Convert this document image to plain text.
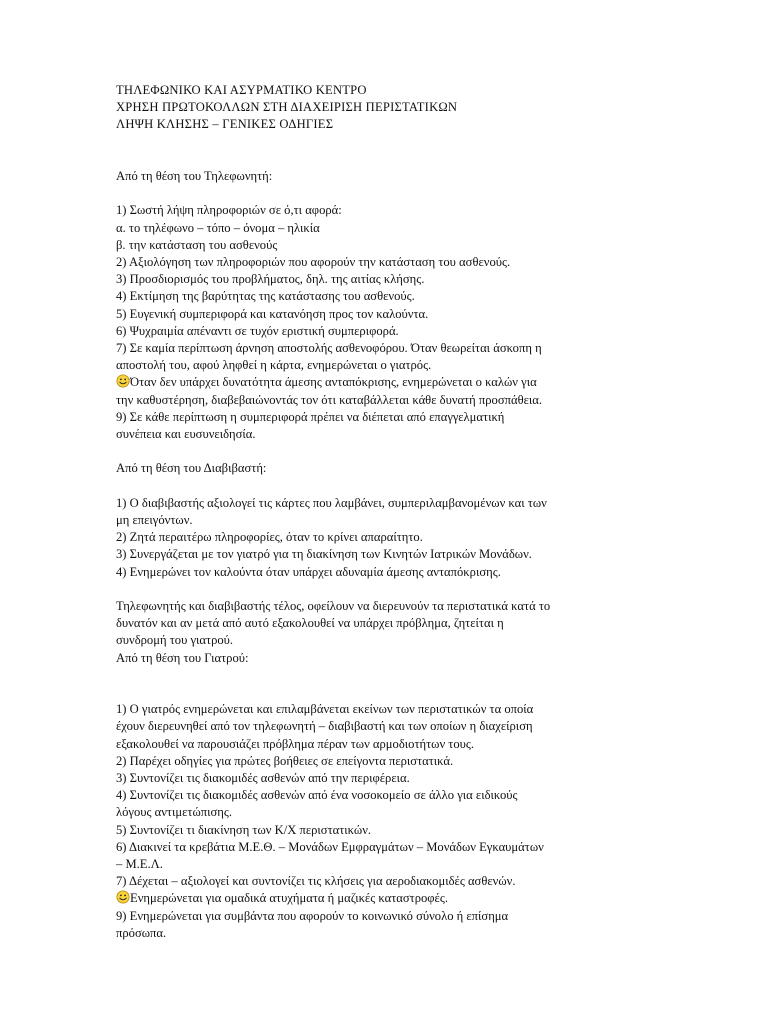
ΤΗΛΕΦΩΝΙΚΟ ΚΑΙ ΑΣΥΡΜΑΤΙΚΟ ΚΕΝΤΡΟ
ΧΡΗΣΗ ΠΡΩΤΟΚΟΛΛΩΝ ΣΤΗ ΔΙΑΧΕΙΡΙΣΗ ΠΕΡΙΣΤΑΤΙΚΩΝ
ΛΗΨΗ ΚΛΗΣΗΣ – ΓΕΝΙΚΕΣ ΟΔΗΓΙΕΣ
Από τη θέση του Τηλεφωνητή:
1) Σωστή λήψη πληροφοριών σε ό,τι αφορά:
α. το τηλέφωνο – τόπο – όνομα – ηλικία
β. την κατάσταση του ασθενούς
2) Αξιολόγηση των πληροφοριών που αφορούν την κατάσταση του ασθενούς.
3) Προσδιορισμός του προβλήματος, δηλ. της αιτίας κλήσης.
4) Εκτίμηση της βαρύτητας της κατάστασης του ασθενούς.
5) Ευγενική συμπεριφορά και κατανόηση προς τον καλούντα.
6) Ψυχραιμία απέναντι σε τυχόν εριστική συμπεριφορά.
7) Σε καμία περίπτωση άρνηση αποστολής ασθενοφόρου. Όταν θεωρείται άσκοπη η
αποστολή του, αφού ληφθεί η κάρτα, ενημερώνεται ο γιατρός.
Όταν δεν υπάρχει δυνατότητα άμεσης ανταπόκρισης, ενημερώνεται ο καλών για
την καθυστέρηση, διαβεβαιώνοντάς τον ότι καταβάλλεται κάθε δυνατή προσπάθεια.
9) Σε κάθε περίπτωση η συμπεριφορά πρέπει να διέπεται από επαγγελματική
συνέπεια και ευσυνειδησία.
Από τη θέση του Διαβιβαστή:
1) Ο διαβιβαστής αξιολογεί τις κάρτες που λαμβάνει, συμπεριλαμβανομένων και των
μη επειγόντων.
2) Ζητά περαιτέρω πληροφορίες, όταν το κρίνει απαραίτητο.
3) Συνεργάζεται με τον γιατρό για τη διακίνηση των Κινητών Ιατρικών Μονάδων.
4) Ενημερώνει τον καλούντα όταν υπάρχει αδυναμία άμεσης ανταπόκρισης.
Τηλεφωνητής και διαβιβαστής τέλος, οφείλουν να διερευνούν τα περιστατικά κατά το
δυνατόν και αν μετά από αυτό εξακολουθεί να υπάρχει πρόβλημα, ζητείται η
συνδρομή του γιατρού.
Από τη θέση του Γιατρού:
1) Ο γιατρός ενημερώνεται και επιλαμβάνεται εκείνων των περιστατικών τα οποία
έχουν διερευνηθεί από τον τηλεφωνητή – διαβιβαστή και των οποίων η διαχείριση
εξακολουθεί να παρουσιάζει πρόβλημα πέραν των αρμοδιοτήτων τους.
2) Παρέχει οδηγίες για πρώτες βοήθειες σε επείγοντα περιστατικά.
3) Συντονίζει τις διακομιδές ασθενών από την περιφέρεια.
4) Συντονίζει τις διακομιδές ασθενών από ένα νοσοκομείο σε άλλο για ειδικούς
λόγους αντιμετώπισης.
5) Συντονίζει τι διακίνηση των Κ/Χ περιστατικών.
6) Διακινεί τα κρεβάτια Μ.Ε.Θ. – Μονάδων Εμφραγμάτων – Μονάδων Εγκαυμάτων
– Μ.Ε.Λ.
7) Δέχεται – αξιολογεί και συντονίζει τις κλήσεις για αεροδιακομιδές ασθενών.
Ενημερώνεται για ομαδικά ατυχήματα ή μαζικές καταστροφές.
9) Ενημερώνεται για συμβάντα που αφορούν το κοινωνικό σύνολο ή επίσημα
πρόσωπα.
